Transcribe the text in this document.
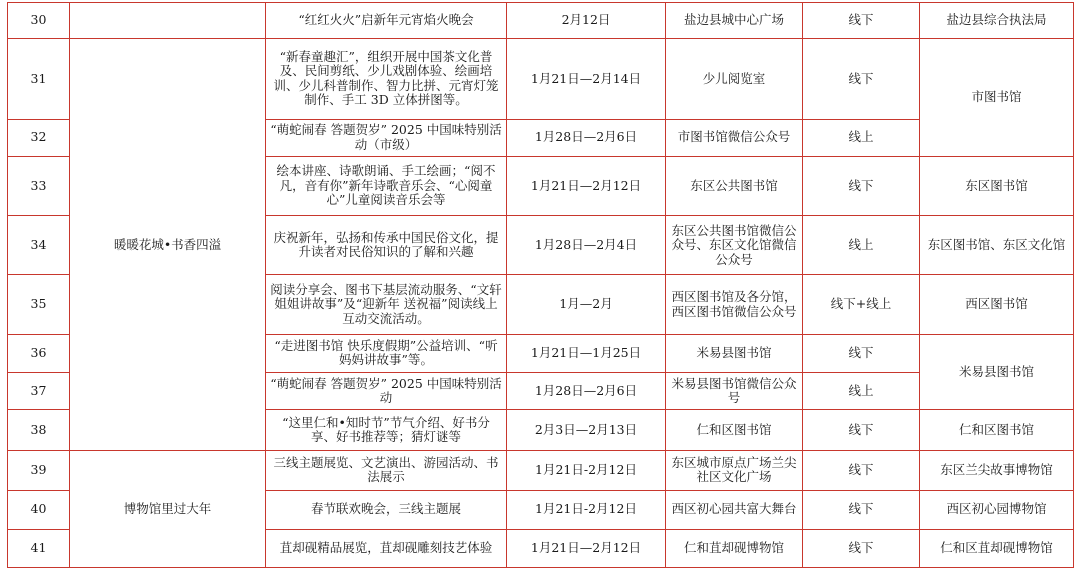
30		“红红火火”启新年元宵焰火晚会	2月12日	盐边县城中心广场	线下	盐边县综合执法局
31	暖暖花城•书香四溢	“新春童趣汇”，组织开展中国茶文化普及、民间剪纸、少儿戏剧体验、绘画培训、少儿科普制作、智力比拼、元宵灯笼制作、手工 3D 立体拼图等。	1月21日—2月14日	少儿阅览室	线下	市图书馆
32		“萌蛇闹春 答题贺岁” 2025 中国味特别活动（市级）	1月28日—2月6日	市图书馆微信公众号	线上	
33		绘本讲座、诗歌朗诵、手工绘画；“阅不凡，音有你”新年诗歌音乐会、“心阅童心”儿童阅读音乐会等	1月21日—2月12日	东区公共图书馆	线下	东区图书馆
34		庆祝新年，弘扬和传承中国民俗文化，提升读者对民俗知识的了解和兴趣	1月28日—2月4日	东区公共图书馆微信公众号、东区文化馆微信公众号	线上	东区图书馆、东区文化馆
35		阅读分享会、图书下基层流动服务、“文轩姐姐讲故事”及“迎新年 送祝福”阅读线上互动交流活动。	1月—2月	西区图书馆及各分馆，西区图书馆微信公众号	线下+线上	西区图书馆
36		“走进图书馆 快乐度假期”公益培训、“听妈妈讲故事”等。	1月21日—1月25日	米易县图书馆	线下	米易县图书馆
37		“萌蛇闹春 答题贺岁” 2025 中国味特别活动	1月28日—2月6日	米易县图书馆微信公众号	线上	
38		“这里仁和•知时节”节气介绍、好书分享、好书推荐等；猜灯谜等	2月3日—2月13日	仁和区图书馆	线下	仁和区图书馆
39	博物馆里过大年	三线主题展览、文艺演出、游园活动、书法展示	1月21日-2月12日	东区城市原点广场兰尖社区文化广场	线下	东区兰尖故事博物馆
40		春节联欢晚会，三线主题展	1月21日-2月12日	西区初心园共富大舞台	线下	西区初心园博物馆
41		苴却砚精品展览，苴却砚雕刻技艺体验	1月21日—2月12日	仁和苴却砚博物馆	线下	仁和区苴却砚博物馆
